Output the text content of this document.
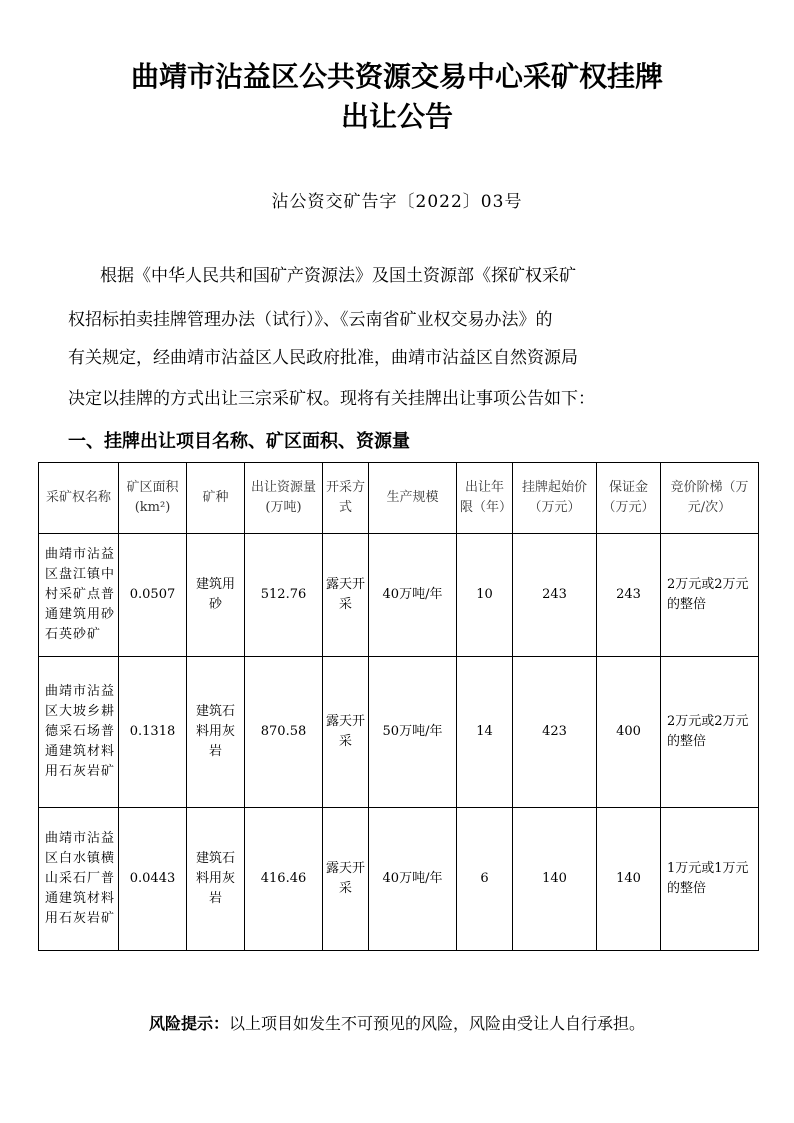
曲靖市沾益区公共资源交易中心采矿权挂牌
出让公告
沾公资交矿告字〔2022〕03号
根据《中华人民共和国矿产资源法》及国土资源部《探矿权采矿
权招标拍卖挂牌管理办法（试行）》、《云南省矿业权交易办法》的
有关规定，经曲靖市沾益区人民政府批准，曲靖市沾益区自然资源局
决定以挂牌的方式出让三宗采矿权。现将有关挂牌出让事项公告如下：
一、挂牌出让项目名称、矿区面积、资源量
采矿权名称	矿区面积(km²)	矿种	出让资源量(万吨)	开采方式	生产规模	出让年限（年）	挂牌起始价（万元）	保证金（万元）	竞价阶梯（万元/次）
曲靖市沾益区盘江镇中村采矿点普通建筑用砂石英砂矿	0.0507	建筑用砂	512.76	露天开采	40万吨/年	10	243	243	2万元或2万元的整倍
曲靖市沾益区大坡乡耕德采石场普通建筑材料用石灰岩矿	0.1318	建筑石料用灰岩	870.58	露天开采	50万吨/年	14	423	400	2万元或2万元的整倍
曲靖市沾益区白水镇横山采石厂普通建筑材料用石灰岩矿	0.0443	建筑石料用灰岩	416.46	露天开采	40万吨/年	6	140	140	1万元或1万元的整倍
风险提示：以上项目如发生不可预见的风险，风险由受让人自行承担。
